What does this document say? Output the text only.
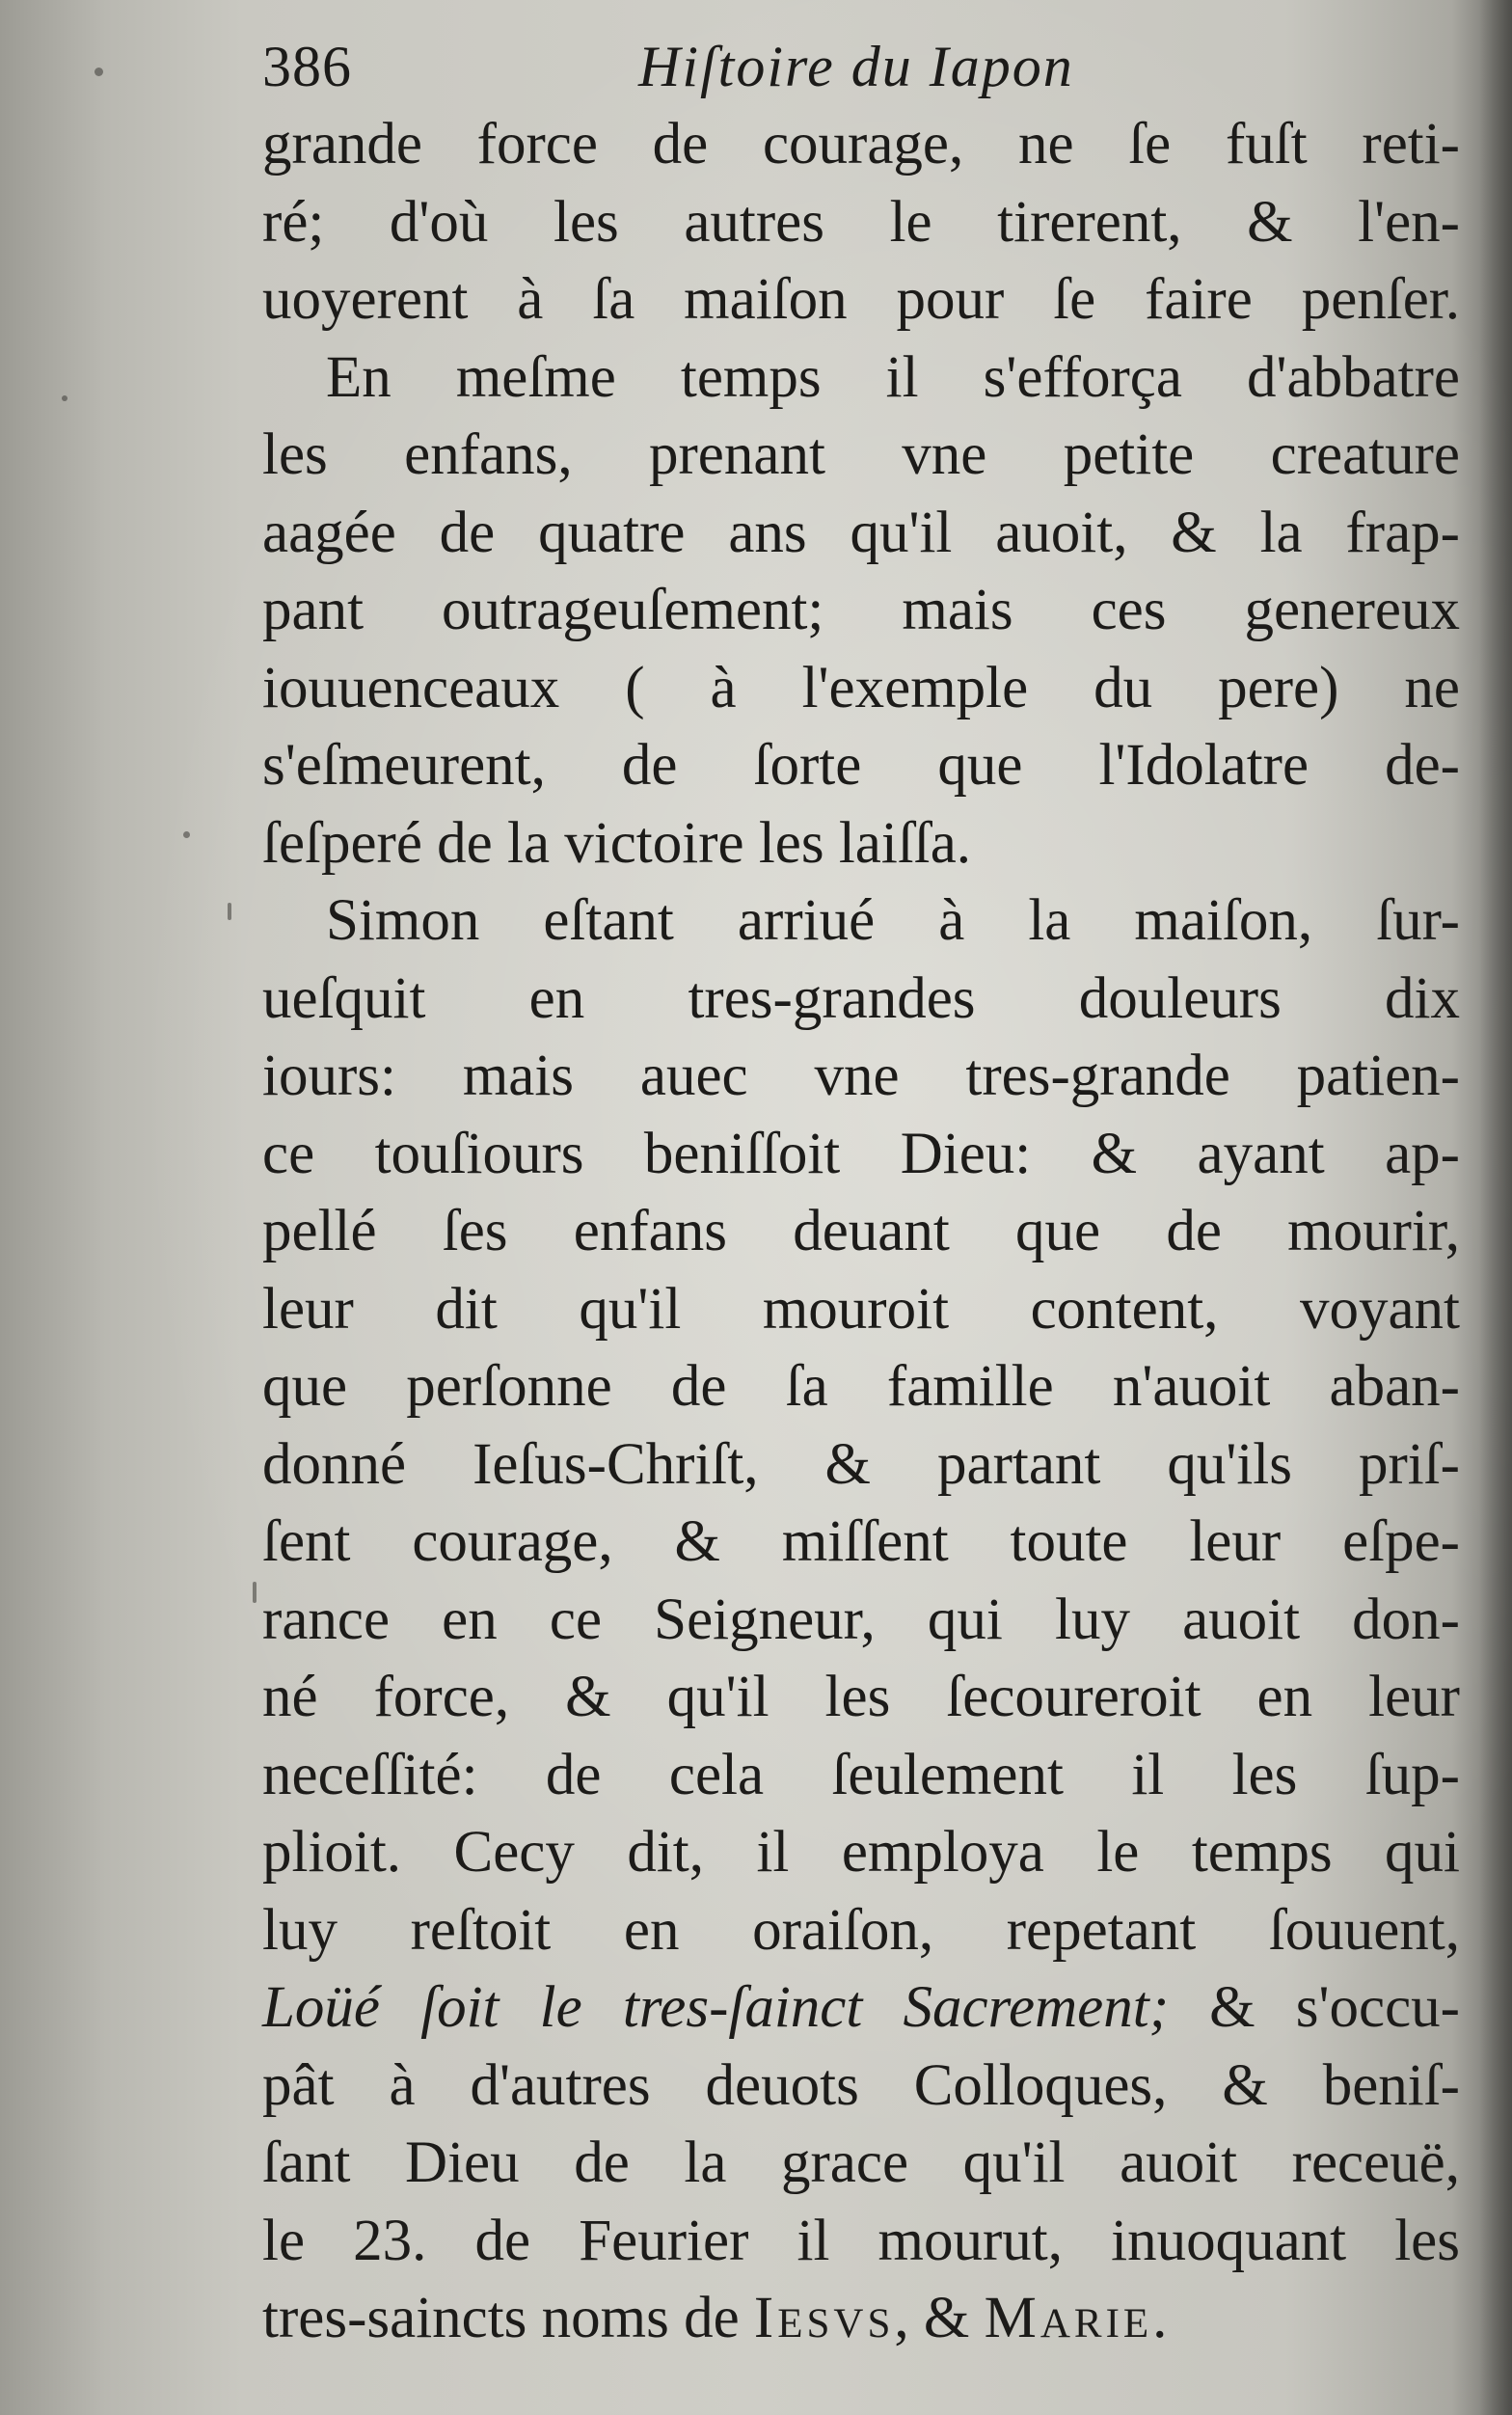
386	Hiſtoire du Iapon
grande force de courage, ne ſe fuſt reti-
ré; d'où les autres le tirerent, & l'en-
uoyerent à ſa maiſon pour ſe faire penſer.
En meſme temps il s'efforça d'abbatre
les enfans, prenant vne petite creature
aagée de quatre ans qu'il auoit, & la frap-
pant outrageuſement; mais ces genereux
iouuenceaux ( à l'exemple du pere) ne
s'eſmeurent, de ſorte que l'Idolatre de-
ſeſperé de la victoire les laiſſa.
Simon eſtant arriué à la maiſon, ſur-
ueſquit en tres-grandes douleurs dix
iours: mais auec vne tres-grande patien-
ce touſiours beniſſoit Dieu: & ayant ap-
pellé ſes enfans deuant que de mourir,
leur dit qu'il mouroit content, voyant
que perſonne de ſa famille n'auoit aban-
donné Ieſus-Chriſt, & partant qu'ils priſ-
ſent courage, & miſſent toute leur eſpe-
rance en ce Seigneur, qui luy auoit don-
né force, & qu'il les ſecoureroit en leur
neceſſité: de cela ſeulement il les ſup-
plioit. Cecy dit, il employa le temps qui
luy reſtoit en oraiſon, repetant ſouuent,
Loüé ſoit le tres-ſainct Sacrement; & s'occu-
pât à d'autres deuots Colloques, & beniſ-
ſant Dieu de la grace qu'il auoit receuë,
le 23. de Feurier il mourut, inuoquant les
tres-saincts noms de Iesvs, & Marie.
